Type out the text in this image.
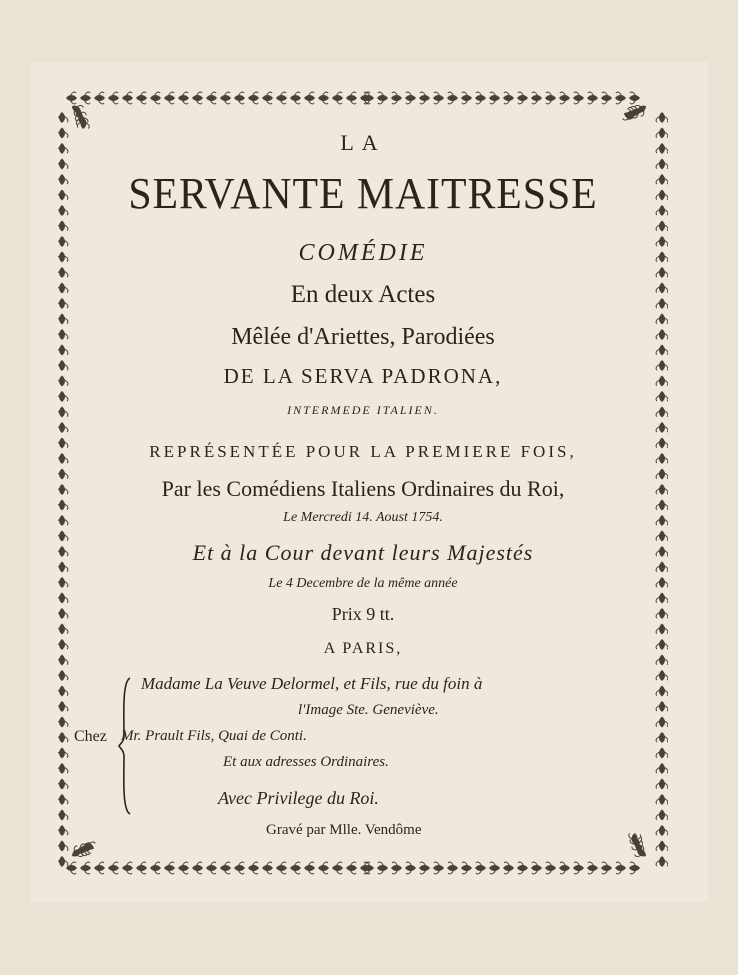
LA
SERVANTE MAITRESSE
COMÉDIE
En deux Actes
Mêlée d'Ariettes, Parodiées
DE LA SERVA PADRONA,
INTERMEDE ITALIEN.
REPRÉSENTÉE POUR LA PREMIERE FOIS,
Par les Comédiens Italiens Ordinaires du Roi,
Le Mercredi 14. Aoust 1754.
Et à la Cour devant leurs Majestés
Le 4 Decembre de la même année
Prix 9 tt.
A PARIS,
Chez
Madame La Veuve Delormel, et Fils, rue du foin à
l'Image Ste. Geneviève.
Mr. Prault Fils, Quai de Conti.
Et aux adresses Ordinaires.
Avec Privilege du Roi.
Gravé par Mlle. Vendôme
